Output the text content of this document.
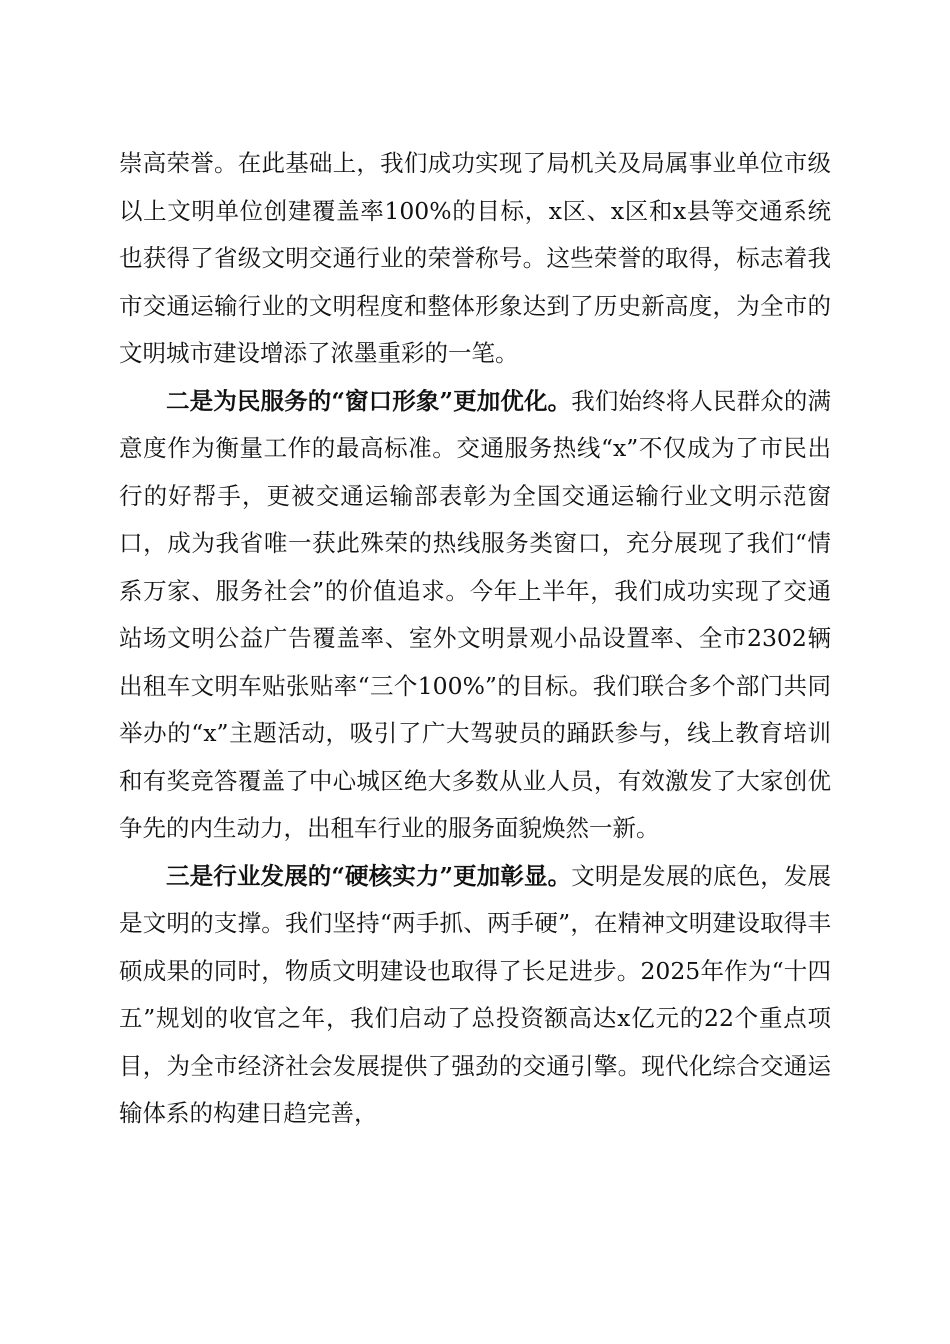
崇高荣誉。在此基础上，我们成功实现了局机关及局属事业单位市级以上文明单位创建覆盖率100%的目标，x区、x区和x县等交通系统也获得了省级文明交通行业的荣誉称号。这些荣誉的取得，标志着我市交通运输行业的文明程度和整体形象达到了历史新高度，为全市的文明城市建设增添了浓墨重彩的一笔。

二是为民服务的“窗口形象”更加优化。我们始终将人民群众的满意度作为衡量工作的最高标准。交通服务热线“x”不仅成为了市民出行的好帮手，更被交通运输部表彰为全国交通运输行业文明示范窗口，成为我省唯一获此殊荣的热线服务类窗口，充分展现了我们“情系万家、服务社会”的价值追求。今年上半年，我们成功实现了交通站场文明公益广告覆盖率、室外文明景观小品设置率、全市2302辆出租车文明车贴张贴率“三个100%”的目标。我们联合多个部门共同举办的“x”主题活动，吸引了广大驾驶员的踊跃参与，线上教育培训和有奖竞答覆盖了中心城区绝大多数从业人员，有效激发了大家创优争先的内生动力，出租车行业的服务面貌焕然一新。

三是行业发展的“硬核实力”更加彰显。文明是发展的底色，发展是文明的支撑。我们坚持“两手抓、两手硬”，在精神文明建设取得丰硕成果的同时，物质文明建设也取得了长足进步。2025年作为“十四五”规划的收官之年，我们启动了总投资额高达x亿元的22个重点项目，为全市经济社会发展提供了强劲的交通引擎。现代化综合交通运输体系的构建日趋完善，
